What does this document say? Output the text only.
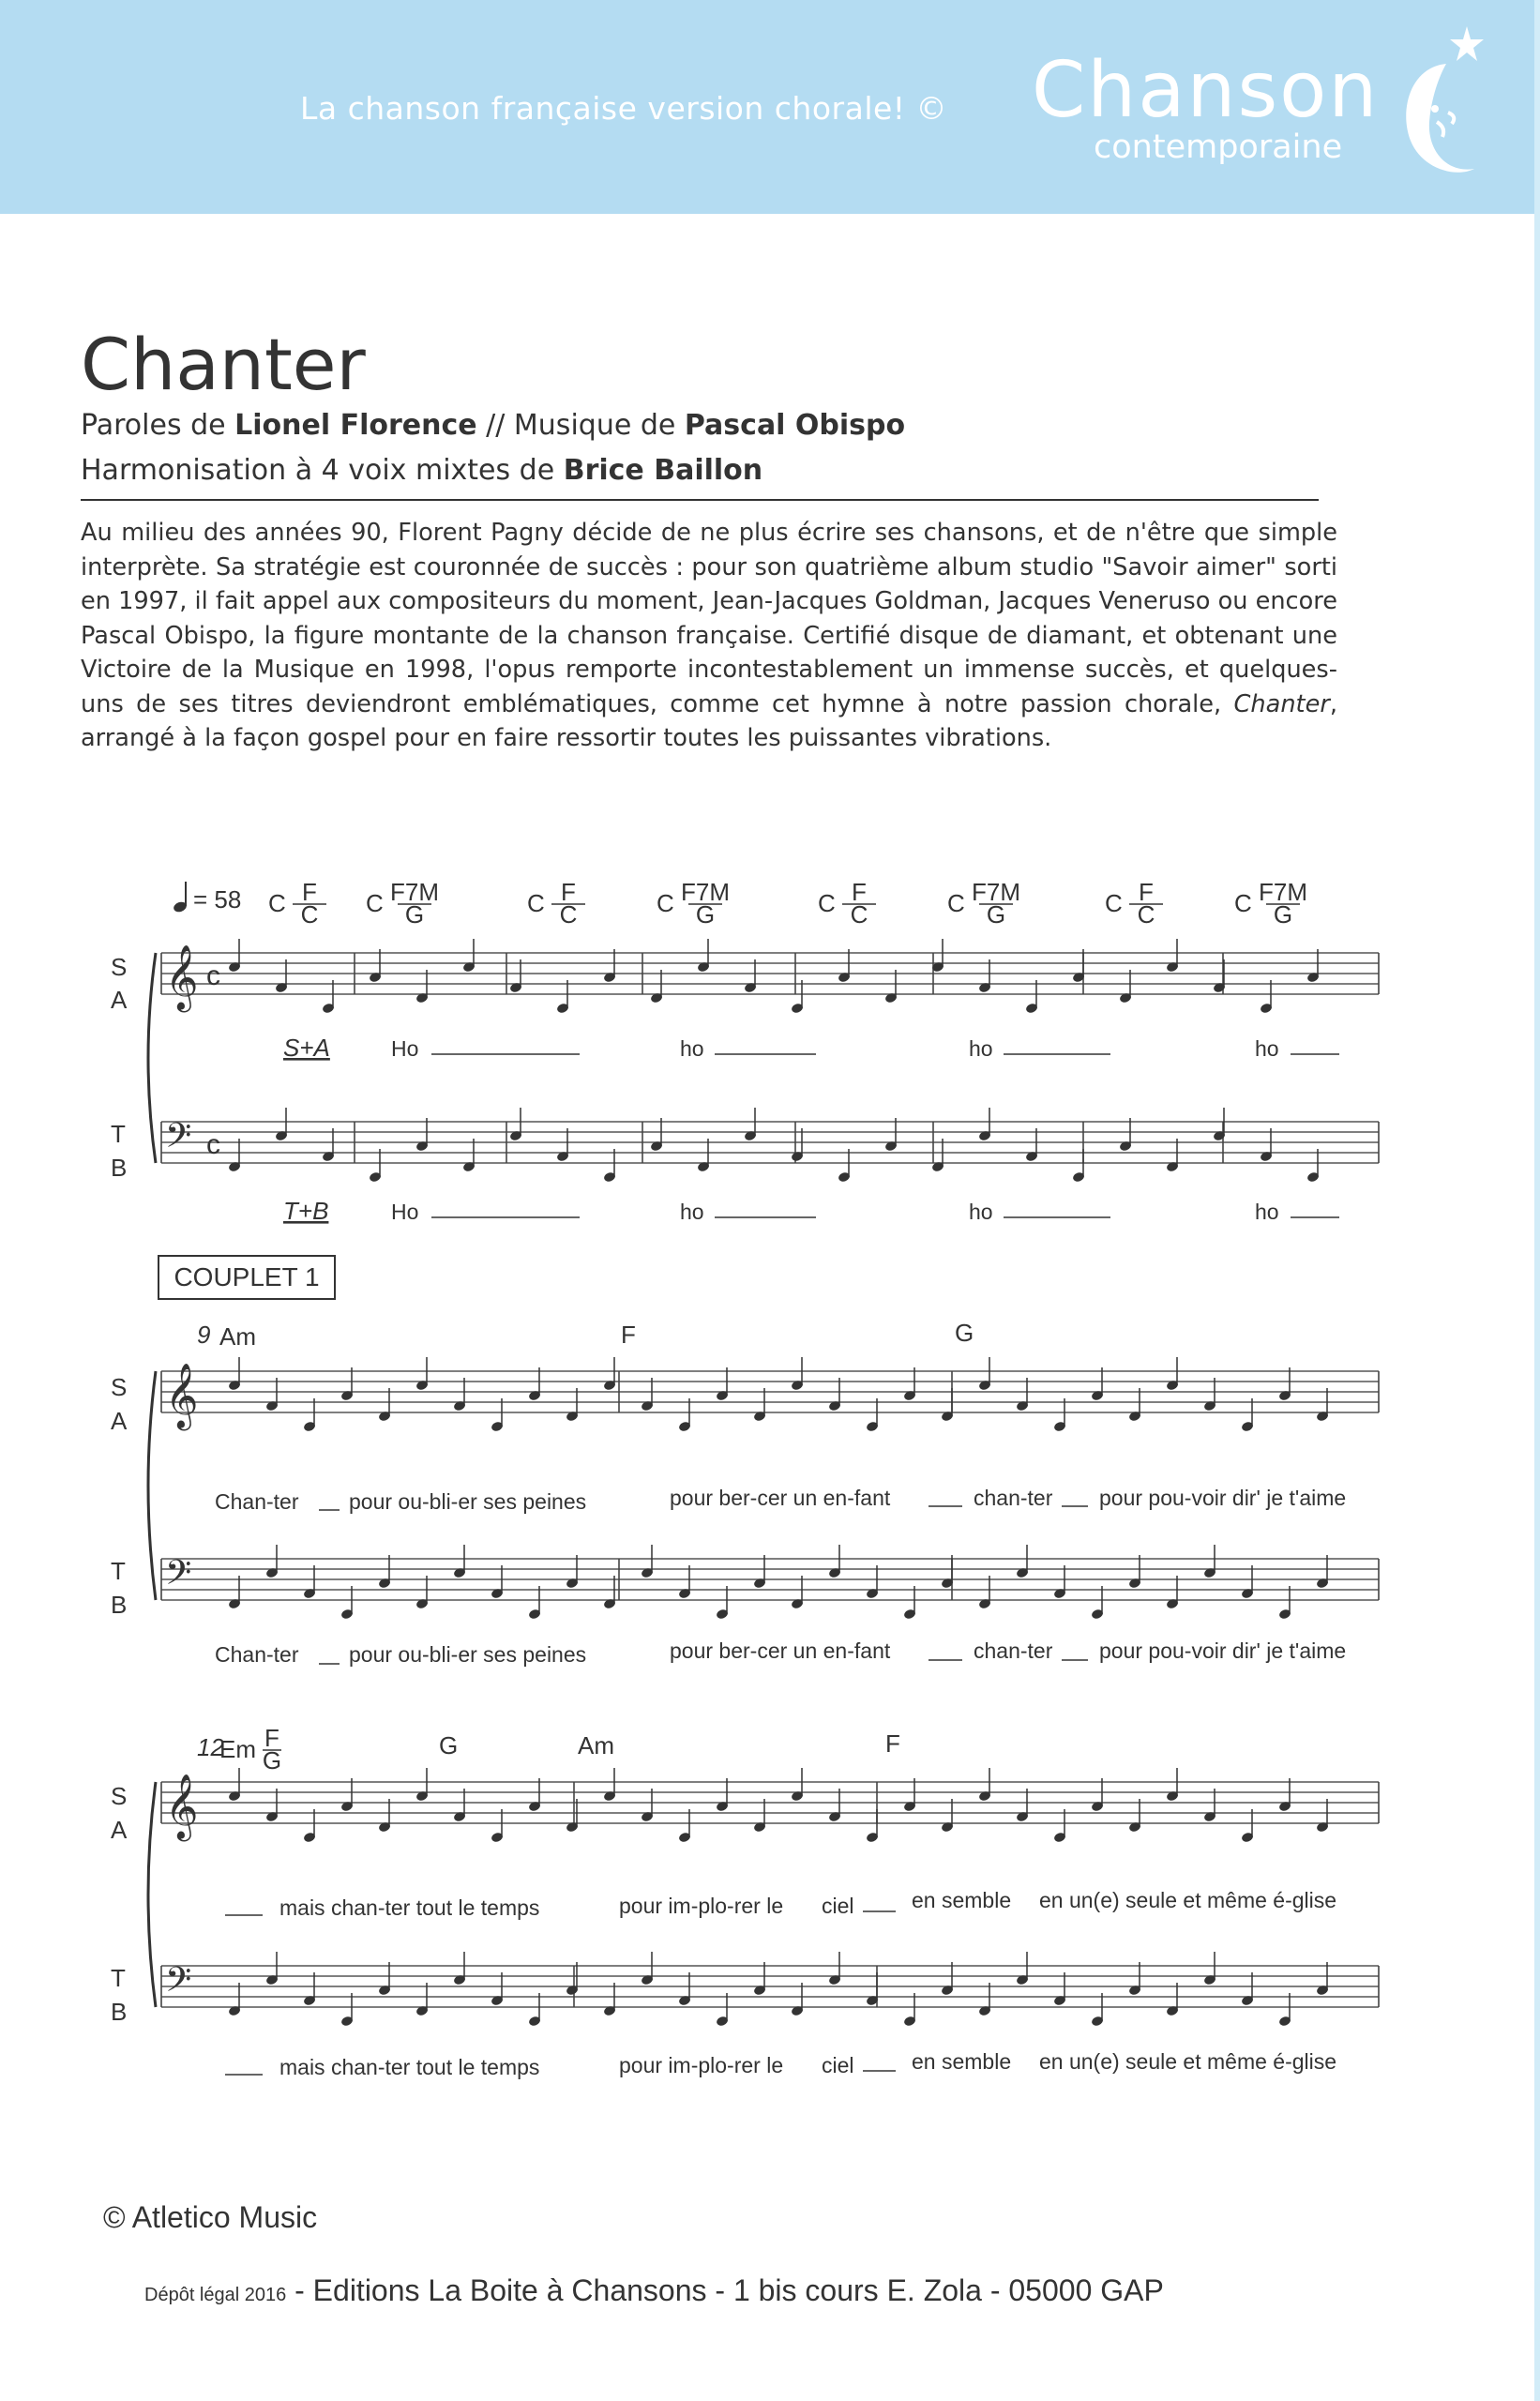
La chanson française version chorale! © Chanson
contemporaine
Chanter
Paroles de Lionel Florence // Musique de Pascal Obispo
Harmonisation à 4 voix mixtes de Brice Baillon
Au milieu des années 90, Florent Pagny décide de ne plus écrire ses chansons, et de n'être que simple interprète. Sa stratégie est couronnée de succès : pour son quatrième album studio "Savoir aimer" sorti en 1997, il fait appel aux compositeurs du moment, Jean-Jacques Goldman, Jacques Veneruso ou encore Pascal Obispo, la figure montante de la chanson française. Certifié disque de diamant, et obtenant une Victoire de la Musique en 1998, l'opus remporte incontestablement un immense succès, et quelques-uns de ses titres deviendront emblématiques, comme cet hymne à notre passion chorale, Chanter, arrangé à la façon gospel pour en faire ressortir toutes les puissantes vibrations.
𝄞 c
𝄢 c
𝄞
𝄢
𝄞
𝄢
= 58 C F
C C F7M
G	C F
C	C F7M
G	C F
C	C F7M
G	C F
C	C F7M
G
S
A
T
B
S+A
T+B
Ho	ho	ho	ho
Ho	ho	ho	ho
9 Am	F	G
S
A
T
B
Chan-ter pour ou-bli-er ses peines	pour ber-cer un en-fant	chan-ter pour pou-voir dir' je t'aime
Chan-ter pour ou-bli-er ses peines	pour ber-cer un en-fant	chan-ter pour pou-voir dir' je t'aime
12
Em F
G
G	Am	F
S
A
T
B
mais chan-ter tout le temps	pour im-plo-rer le ciel	en semble en un(e) seule et même é-glise
mais chan-ter tout le temps	pour im-plo-rer le ciel	en semble en un(e) seule et même é-glise
COUPLET 1
© Atletico Music
Dépôt légal 2016 - Editions La Boite à Chansons - 1 bis cours E. Zola - 05000 GAP
